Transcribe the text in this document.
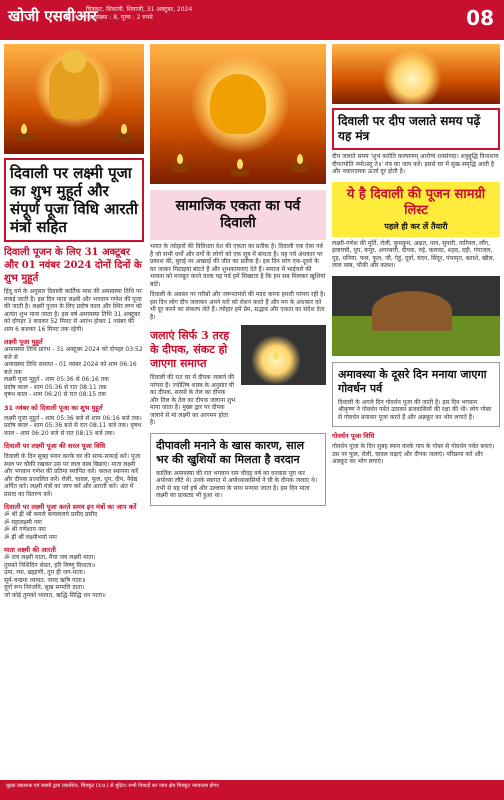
खोजी एसबीआर
चित्रकूट, शिवाजी, शिवाजी, 31 अक्टूबर, 2024
पृष्ठ संख्या : 8, मूल्य : 2 रुपये	08
दिवाली पर लक्ष्मी पूजा का शुभ मुहूर्त और संपूर्ण पूजा विधि आरती मंत्रों सहित
दिवाली पूजन के लिए 31 अक्टूबर और 01 नवंबर 2024 दोनों दिनों के शुभ मुहूर्त
हिंदू धर्म के अनुसार दिवाली कार्तिक मास की अमावस्या तिथि पर मनाई जाती है। इस दिन माता लक्ष्मी और भगवान गणेश की पूजा की जाती है। लक्ष्मी पूजन के लिए प्रदोष काल और स्थिर लग्न को अत्यंत शुभ माना जाता है। इस वर्ष अमावस्या तिथि 31 अक्टूबर को दोपहर 3 बजकर 52 मिनट से आरंभ होकर 1 नवंबर की शाम 6 बजकर 16 मिनट तक रहेगी।
लक्ष्मी पूजा मुहूर्त
अमावस्या तिथि प्रारंभ - 31 अक्टूबर 2024 को दोपहर 03:52 बजे से
अमावस्या तिथि समाप्त - 01 नवंबर 2024 को शाम 06:16 बजे तक
लक्ष्मी पूजा मुहूर्त - शाम 05:36 से 06:16 तक
प्रदोष काल - शाम 05:36 से रात 08:11 तक
वृषभ काल - शाम 06:20 से रात 08:15 तक
31 नवंबर को दिवाली पूजा का शुभ मुहूर्त
लक्ष्मी पूजा मुहूर्त - शाम 05:36 बजे से शाम 06:16 बजे तक। प्रदोष काल - शाम 05:36 बजे से रात 08:11 बजे तक। वृषभ काल - शाम 06:20 बजे से रात 08:15 बजे तक।
दिवाली पर लक्ष्मी पूजा की सरल पूजा विधि
दिवाली के दिन सुबह स्नान करके घर की साफ-सफाई करें। पूजा स्थल पर चौकी रखकर उस पर लाल वस्त्र बिछाएं। माता लक्ष्मी और भगवान गणेश की प्रतिमा स्थापित करें। कलश स्थापना करें और दीपक प्रज्वलित करें। रोली, चावल, फूल, धूप, दीप, नैवेद्य अर्पित करें। लक्ष्मी मंत्रों का जाप करें और आरती करें। अंत में प्रसाद का वितरण करें।
दिवाली पर लक्ष्मी पूजा करते समय इन मंत्रों का जाप करें
ॐ श्रीं ह्रीं श्रीं कमले कमलालये प्रसीद प्रसीद
ॐ महालक्ष्म्यै नमः
ॐ श्री गणेशाय नमः
ॐ ह्रीं श्रीं लक्ष्मीभयो नमः
माता लक्ष्मी की आरती
ॐ जय लक्ष्मी माता, मैया जय लक्ष्मी माता।
तुमको निशिदिन सेवत, हरि विष्णु विधाता॥
उमा, रमा, ब्रह्माणी, तुम ही जग-माता।
सूर्य-चन्द्रमा ध्यावत, नारद ऋषि गाता॥
दुर्गा रूप निरंजनि, सुख सम्पत्ति दाता।
जो कोई तुमको ध्यावत, ऋद्धि-सिद्धि धन पाता॥
सामाजिक एकता का पर्व दिवाली
भारत के त्योहारों की विविधता देश की एकता का प्रतीक है। दिवाली एक ऐसा पर्व है जो सभी धर्मों और वर्गों के लोगों को एक सूत्र में बांधता है। यह पर्व अंधकार पर प्रकाश की, बुराई पर अच्छाई की जीत का प्रतीक है। इस दिन लोग एक-दूसरे के घर जाकर मिठाइयां बांटते हैं और शुभकामनाएं देते हैं। समाज में भाईचारे की भावना को मजबूत करने वाला यह पर्व हमें सिखाता है कि हम सब मिलकर खुशियां बांटें।
दिवाली के अवसर पर गरीबों और जरूरतमंदों की मदद करना हमारी परंपरा रही है। इस दिन लोग दीप जलाकर अपने घरों को रोशन करते हैं और मन के अंधकार को भी दूर करने का संकल्प लेते हैं। त्योहार हमें प्रेम, सद्भाव और एकता का संदेश देता है।
जलाएं सिर्फ 3 तरह के दीपक, संकट हो जाएगा समाप्त
दिवाली की रात घर में दीपक जलाने की परंपरा है। ज्योतिष शास्त्र के अनुसार घी का दीपक, सरसों के तेल का दीपक और तिल के तेल का दीपक जलाना शुभ माना जाता है। मुख्य द्वार पर दीपक जलाने से मां लक्ष्मी का आगमन होता है।
दीपावली मनाने के खास कारण, साल भर की खुशियों का मिलता है वरदान
कार्तिक अमावस्या की रात भगवान राम चौदह वर्ष का वनवास पूरा कर अयोध्या लौटे थे। उनके स्वागत में अयोध्यावासियों ने घी के दीपक जलाए थे। तभी से यह पर्व हर्ष और उल्लास के साथ मनाया जाता है। इस दिन माता लक्ष्मी का प्राकट्य भी हुआ था।
दिवाली पर दीप जलाते समय पढ़ें यह मंत्र
दीप जलाते समय 'शुभं करोति कल्याणम् आरोग्यं धनसंपदा। शत्रुबुद्धि विनाशाय दीपज्योति नमोऽस्तु ते॥' मंत्र का जाप करें। इससे घर में सुख-समृद्धि आती है और नकारात्मक ऊर्जा दूर होती है।
ये है दिवाली की पूजन सामग्री लिस्ट
पहले ही कर लें तैयारी
लक्ष्मी-गणेश की मूर्ति, रोली, कुमकुम, अक्षत, पान, सुपारी, नारियल, लौंग, इलायची, धूप, कपूर, अगरबत्ती, दीपक, रुई, कलावा, शहद, दही, गंगाजल, गुड़, धनिया, फल, फूल, जौ, गेहूं, दूर्वा, चंदन, सिंदूर, पंचामृत, बताशे, खील, लाल वस्त्र, चौकी और कलश।
अमावस्या के दूसरे दिन मनाया जाएगा गोवर्धन पर्व
दिवाली के अगले दिन गोवर्धन पूजा की जाती है। इस दिन भगवान श्रीकृष्ण ने गोवर्धन पर्वत उठाकर ब्रजवासियों की रक्षा की थी। लोग गोबर से गोवर्धन बनाकर पूजा करते हैं और अन्नकूट का भोग लगाते हैं।
गोवर्धन पूजा विधि
गोवर्धन पूजा के दिन सुबह स्नान करके गाय के गोबर से गोवर्धन पर्वत बनाएं। उस पर फूल, रोली, चावल चढ़ाएं और दीपक जलाएं। परिक्रमा करें और अन्नकूट का भोग लगाएं।
मुद्रक प्रकाशक एवं स्वामी द्वारा प्रकाशित, चित्रकूट (उ.प्र.) से मुद्रित। सभी विवादों का न्याय क्षेत्र चित्रकूट न्यायालय होगा।
